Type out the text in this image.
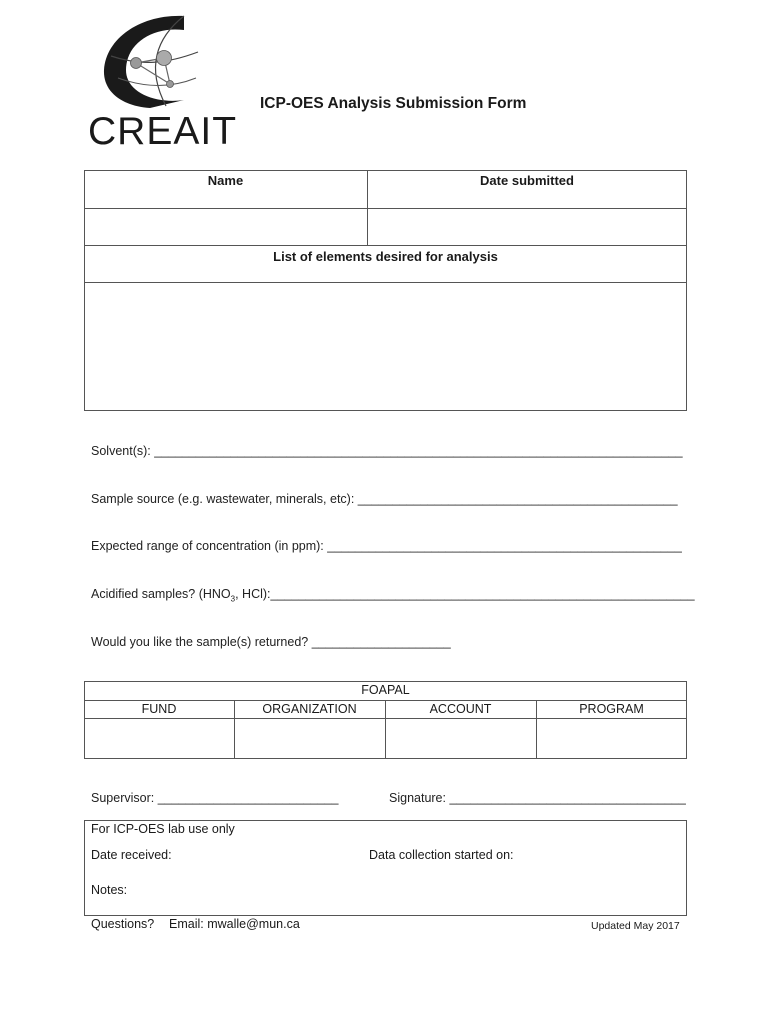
CREAIT
ICP-OES Analysis Submission Form
Name	Date submitted
List of elements desired for analysis
Solvent(s): ____________________________________________________________________________
Sample source (e.g. wastewater, minerals, etc): ______________________________________________
Expected range of concentration (in ppm): ___________________________________________________
Acidified samples? ($HNO_3$, HCl):_____________________________________________________________
Would you like the sample(s) returned? ____________________
FOAPAL
FUND	ORGANIZATION	ACCOUNT	PROGRAM
Supervisor: __________________________	Signature: __________________________________
For ICP-OES lab use only
Date received:	Data collection started on:
Notes:
Questions? Email: mwalle@mun.ca	Updated May 2017
